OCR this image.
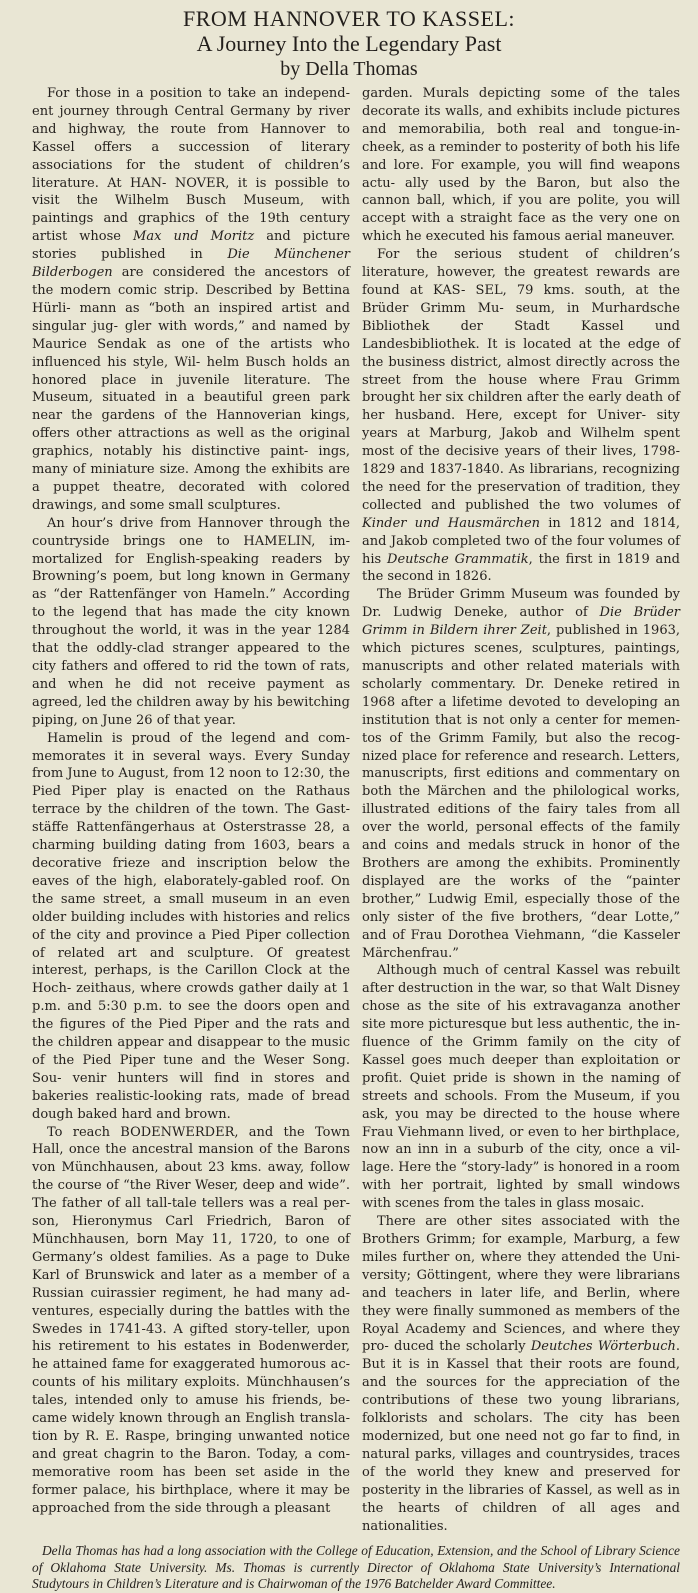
FROM HANNOVER TO KASSEL:
A Journey Into the Legendary Past
by Della Thomas

For those in a position to take an independ- ent journey through Central Germany by river and highway, the route from Hannover to Kassel offers a succession of literary associations for the student of children’s literature. At HAN- NOVER, it is possible to visit the Wilhelm Busch Museum, with paintings and graphics of the 19th century artist whose Max und Moritz and picture stories published in Die Münchener Bilderbogen are considered the ancestors of the modern comic strip. Described by Bettina Hürli- mann as “both an inspired artist and singular jug- gler with words,” and named by Maurice Sendak as one of the artists who influenced his style, Wil- helm Busch holds an honored place in juvenile literature. The Museum, situated in a beautiful green park near the gardens of the Hannoverian kings, offers other attractions as well as the original graphics, notably his distinctive paint- ings, many of miniature size. Among the exhibits are a puppet theatre, decorated with colored drawings, and some small sculptures.

An hour’s drive from Hannover through the countryside brings one to HAMELIN, im- mortalized for English-speaking readers by Browning’s poem, but long known in Germany as “der Rattenfänger von Hameln.” According to the legend that has made the city known throughout the world, it was in the year 1284 that the oddly-clad stranger appeared to the city fathers and offered to rid the town of rats, and when he did not receive payment as agreed, led the children away by his bewitching piping, on June 26 of that year.

Hamelin is proud of the legend and com- memorates it in several ways. Every Sunday from June to August, from 12 noon to 12:30, the Pied Piper play is enacted on the Rathaus terrace by the children of the town. The Gast- stäffe Rattenfängerhaus at Osterstrasse 28, a charming building dating from 1603, bears a decorative frieze and inscription below the eaves of the high, elaborately-gabled roof. On the same street, a small museum in an even older building includes with histories and relics of the city and province a Pied Piper collection of related art and sculpture. Of greatest interest, perhaps, is the Carillon Clock at the Hoch- zeithaus, where crowds gather daily at 1 p.m. and 5:30 p.m. to see the doors open and the figures of the Pied Piper and the rats and the children appear and disappear to the music of the Pied Piper tune and the Weser Song. Sou- venir hunters will find in stores and bakeries realistic-looking rats, made of bread dough baked hard and brown.

To reach BODENWERDER, and the Town Hall, once the ancestral mansion of the Barons von Münchhausen, about 23 kms. away, follow the course of “the River Weser, deep and wide”. The father of all tall-tale tellers was a real per- son, Hieronymus Carl Friedrich, Baron of Münchhausen, born May 11, 1720, to one of Germany’s oldest families. As a page to Duke Karl of Brunswick and later as a member of a Russian cuirassier regiment, he had many ad- ventures, especially during the battles with the Swedes in 1741-43. A gifted story-teller, upon his retirement to his estates in Bodenwerder, he attained fame for exaggerated humorous ac- counts of his military exploits. Münchhausen’s tales, intended only to amuse his friends, be- came widely known through an English transla- tion by R. E. Raspe, bringing unwanted notice and great chagrin to the Baron. Today, a com- memorative room has been set aside in the former palace, his birthplace, where it may be approached from the side through a pleasant

garden. Murals depicting some of the tales decorate its walls, and exhibits include pictures and memorabilia, both real and tongue-in-cheek, as a reminder to posterity of both his life and lore. For example, you will find weapons actu- ally used by the Baron, but also the cannon ball, which, if you are polite, you will accept with a straight face as the very one on which he executed his famous aerial maneuver.

For the serious student of children’s literature, however, the greatest rewards are found at KAS- SEL, 79 kms. south, at the Brüder Grimm Mu- seum, in Murhardsche Bibliothek der Stadt Kassel und Landesbibliothek. It is located at the edge of the business district, almost directly across the street from the house where Frau Grimm brought her six children after the early death of her husband. Here, except for Univer- sity years at Marburg, Jakob and Wilhelm spent most of the decisive years of their lives, 1798- 1829 and 1837-1840. As librarians, recognizing the need for the preservation of tradition, they collected and published the two volumes of Kinder und Hausmärchen in 1812 and 1814, and Jakob completed two of the four volumes of his Deutsche Grammatik, the first in 1819 and the second in 1826.

The Brüder Grimm Museum was founded by Dr. Ludwig Deneke, author of Die Brüder Grimm in Bildern ihrer Zeit, published in 1963, which pictures scenes, sculptures, paintings, manuscripts and other related materials with scholarly commentary. Dr. Deneke retired in 1968 after a lifetime devoted to developing an institution that is not only a center for memen- tos of the Grimm Family, but also the recog- nized place for reference and research. Letters, manuscripts, first editions and commentary on both the Märchen and the philological works, illustrated editions of the fairy tales from all over the world, personal effects of the family and coins and medals struck in honor of the Brothers are among the exhibits. Prominently displayed are the works of the “painter brother,” Ludwig Emil, especially those of the only sister of the five brothers, “dear Lotte,” and of Frau Dorothea Viehmann, “die Kasseler Märchenfrau.”

Although much of central Kassel was rebuilt after destruction in the war, so that Walt Disney chose as the site of his extravaganza another site more picturesque but less authentic, the in- fluence of the Grimm family on the city of Kassel goes much deeper than exploitation or profit. Quiet pride is shown in the naming of streets and schools. From the Museum, if you ask, you may be directed to the house where Frau Viehmann lived, or even to her birthplace, now an inn in a suburb of the city, once a vil- lage. Here the “story-lady” is honored in a room with her portrait, lighted by small windows with scenes from the tales in glass mosaic.

There are other sites associated with the Brothers Grimm; for example, Marburg, a few miles further on, where they attended the Uni- versity; Göttingent, where they were librarians and teachers in later life, and Berlin, where they were finally summoned as members of the Royal Academy and Sciences, and where they pro- duced the scholarly Deutches Wörterbuch. But it is in Kassel that their roots are found, and the sources for the appreciation of the contributions of these two young librarians, folklorists and scholars. The city has been modernized, but one need not go far to find, in natural parks, villages and countrysides, traces of the world they knew and preserved for posterity in the libraries of Kassel, as well as in the hearts of children of all ages and nationalities.

Della Thomas has had a long association with the College of Education, Extension, and the School of Library Science of Oklahoma State University. Ms. Thomas is currently Director of Oklahoma State University’s International Studytours in Children’s Literature and is Chairwoman of the 1976 Batchelder Award Committee.
